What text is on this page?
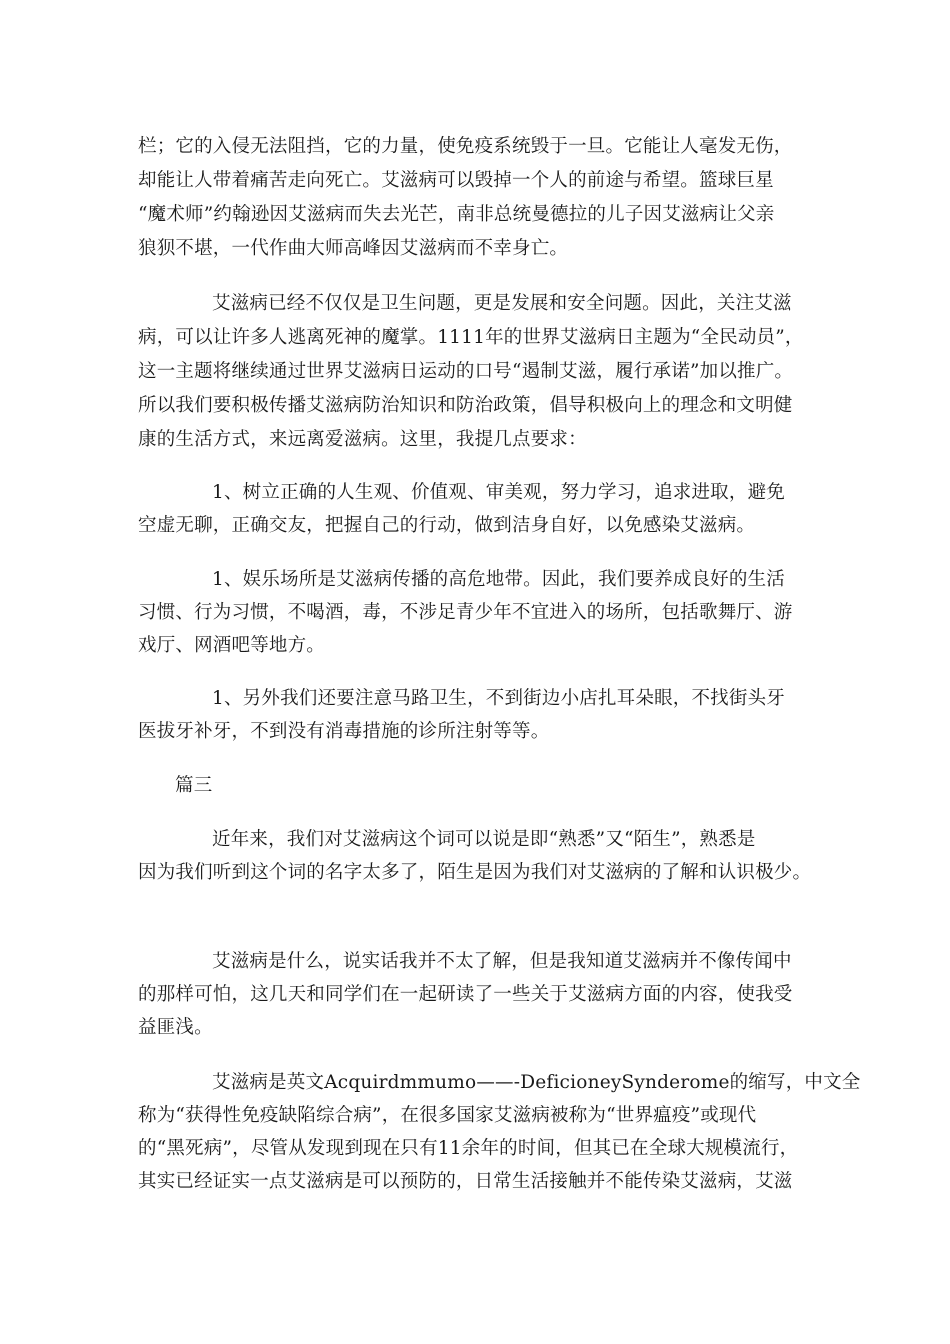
栏；它的入侵无法阻挡，它的力量，使免疫系统毁于一旦。它能让人毫发无伤，
却能让人带着痛苦走向死亡。艾滋病可以毁掉一个人的前途与希望。篮球巨星
“魔术师”约翰逊因艾滋病而失去光芒，南非总统曼德拉的儿子因艾滋病让父亲
狼狈不堪，一代作曲大师高峰因艾滋病而不幸身亡。
艾滋病已经不仅仅是卫生问题，更是发展和安全问题。因此，关注艾滋
病，可以让许多人逃离死神的魔掌。1111年的世界艾滋病日主题为“全民动员”，
这一主题将继续通过世界艾滋病日运动的口号“遏制艾滋，履行承诺”加以推广。
所以我们要积极传播艾滋病防治知识和防治政策，倡导积极向上的理念和文明健
康的生活方式，来远离爱滋病。这里，我提几点要求：
1、树立正确的人生观、价值观、审美观，努力学习，追求进取，避免
空虚无聊，正确交友，把握自己的行动，做到洁身自好，以免感染艾滋病。
1、娱乐场所是艾滋病传播的高危地带。因此，我们要养成良好的生活
习惯、行为习惯，不喝酒，毒，不涉足青少年不宜进入的场所，包括歌舞厅、游
戏厅、网酒吧等地方。
1、另外我们还要注意马路卫生，不到街边小店扎耳朵眼，不找街头牙
医拔牙补牙，不到没有消毒措施的诊所注射等等。
篇三
近年来，我们对艾滋病这个词可以说是即“熟悉”又“陌生”，熟悉是
因为我们听到这个词的名字太多了，陌生是因为我们对艾滋病的了解和认识极少。
艾滋病是什么，说实话我并不太了解，但是我知道艾滋病并不像传闻中
的那样可怕，这几天和同学们在一起研读了一些关于艾滋病方面的内容，使我受
益匪浅。
艾滋病是英文Acquirdmmumo——-DeficioneySynderome的缩写，中文全
称为“获得性免疫缺陷综合病”，在很多国家艾滋病被称为“世界瘟疫”或现代
的“黑死病”，尽管从发现到现在只有11余年的时间，但其已在全球大规模流行，
其实已经证实一点艾滋病是可以预防的，日常生活接触并不能传染艾滋病，艾滋
